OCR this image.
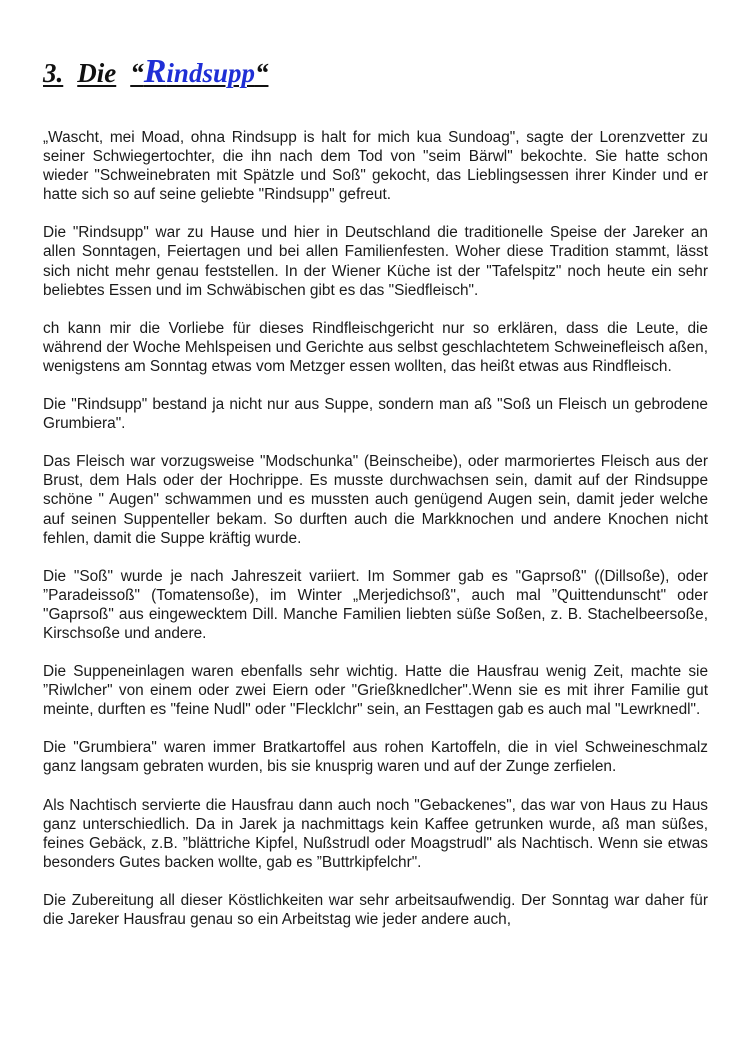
3. Die “Rindsupp“

„Wascht, mei Moad, ohna Rindsupp is halt for mich kua Sundoag", sagte der Lorenzvetter zu seiner Schwiegertochter, die ihn nach dem Tod von "seim Bärwl" bekochte. Sie hatte schon wieder "Schweinebraten mit Spätzle und Soß" gekocht, das Lieblingsessen ihrer Kinder und er hatte sich so auf seine geliebte "Rindsupp" gefreut.

Die "Rindsupp" war zu Hause und hier in Deutschland die traditionelle Speise der Jareker an allen Sonntagen, Feiertagen und bei allen Familienfesten. Woher diese Tradition stammt, lässt sich nicht mehr genau feststellen. In der Wiener Küche ist der "Tafelspitz" noch heute ein sehr beliebtes Essen und im Schwäbischen gibt es das "Siedfleisch".

ch kann mir die Vorliebe für dieses Rindfleischgericht nur so erklären, dass die Leute, die während der Woche Mehlspeisen und Gerichte aus selbst geschlachtetem Schweinefleisch aßen, wenigstens am Sonntag etwas vom Metzger essen wollten, das heißt etwas aus Rindfleisch.

Die "Rindsupp" bestand ja nicht nur aus Suppe, sondern man aß "Soß un Fleisch un gebrodene Grumbiera".

Das Fleisch war vorzugsweise "Modschunka" (Beinscheibe), oder marmoriertes Fleisch aus der Brust, dem Hals oder der Hochrippe. Es musste durchwachsen sein, damit auf der Rindsuppe schöne " Augen" schwammen und es mussten auch genügend Augen sein, damit jeder welche auf seinen Suppenteller bekam. So durften auch die Markknochen und andere Knochen nicht fehlen, damit die Suppe kräftig wurde.

Die "Soß" wurde je nach Jahreszeit variiert. Im Sommer gab es "Gaprsoß" ((Dillsoße), oder ”Paradeissoß" (Tomatensoße), im Winter „Merjedichsoß", auch mal ”Quittendunscht" oder "Gaprsoß" aus eingewecktem Dill. Manche Familien liebten süße Soßen, z. B. Stachelbeersoße, Kirschsoße und andere.

Die Suppeneinlagen waren ebenfalls sehr wichtig. Hatte die Hausfrau wenig Zeit, machte sie ”Riwlcher" von einem oder zwei Eiern oder "Grießknedlcher".Wenn sie es mit ihrer Familie gut meinte, durften es "feine Nudl" oder "Flecklchr" sein, an Festtagen gab es auch mal "Lewrknedl".

Die "Grumbiera" waren immer Bratkartoffel aus rohen Kartoffeln, die in viel Schweineschmalz ganz langsam gebraten wurden, bis sie knusprig waren und auf der Zunge zerfielen.

Als Nachtisch servierte die Hausfrau dann auch noch "Gebackenes", das war von Haus zu Haus ganz unterschiedlich. Da in Jarek ja nachmittags kein Kaffee getrunken wurde, aß man süßes, feines Gebäck, z.B. ”blättriche Kipfel, Nußstrudl oder Moagstrudl" als Nachtisch. Wenn sie etwas besonders Gutes backen wollte, gab es ”Buttrkipfelchr".

Die Zubereitung all dieser Köstlichkeiten war sehr arbeitsaufwendig. Der Sonntag war daher für die Jareker Hausfrau genau so ein Arbeitstag wie jeder andere auch,
